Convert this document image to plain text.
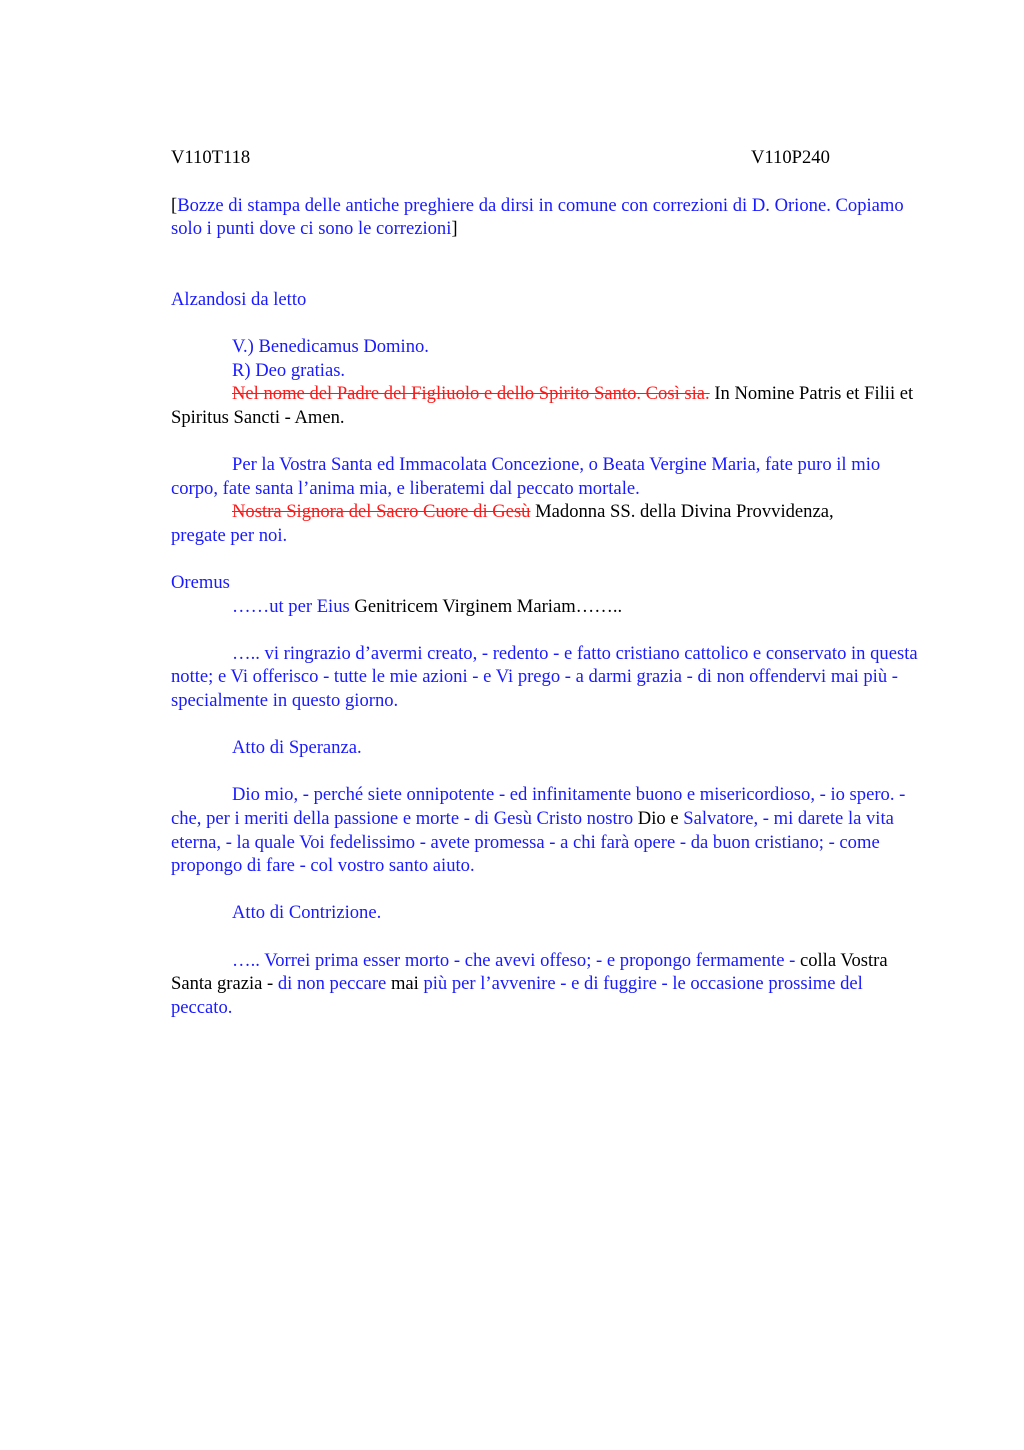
V110T118	V110P240

[Bozze di stampa delle antiche preghiere da dirsi in comune con correzioni di D. Orione. Copiamo solo i punti dove ci sono le correzioni]

Alzandosi da letto

V.) Benedicamus Domino.

R) Deo gratias.

Nel nome del Padre del Figliuolo e dello Spirito Santo. Così sia. In Nomine Patris et Filii et Spiritus Sancti - Amen.

Per la Vostra Santa ed Immacolata Concezione, o Beata Vergine Maria, fate puro il mio corpo, fate santa l’anima mia, e liberatemi dal peccato mortale.

Nostra Signora del Sacro Cuore di Gesù Madonna SS. della Divina Provvidenza,

pregate per noi.

Oremus

……ut per Eius Genitricem Virginem Mariam……..

….. vi ringrazio d’avermi creato, - redento - e fatto cristiano cattolico e conservato in questa notte; e Vi offerisco - tutte le mie azioni - e Vi prego - a darmi grazia - di non offendervi mai più - specialmente in questo giorno.

Atto di Speranza.

Dio mio, - perché siete onnipotente - ed infinitamente buono e misericordioso, - io spero. - che, per i meriti della passione e morte - di Gesù Cristo nostro Dio e Salvatore, - mi darete la vita eterna, - la quale Voi fedelissimo - avete promessa - a chi farà opere - da buon cristiano; - come propongo di fare - col vostro santo aiuto.

Atto di Contrizione.

….. Vorrei prima esser morto - che avevi offeso; - e propongo fermamente - colla Vostra Santa grazia - di non peccare mai più per l’avvenire - e di fuggire - le occasione prossime del peccato.
